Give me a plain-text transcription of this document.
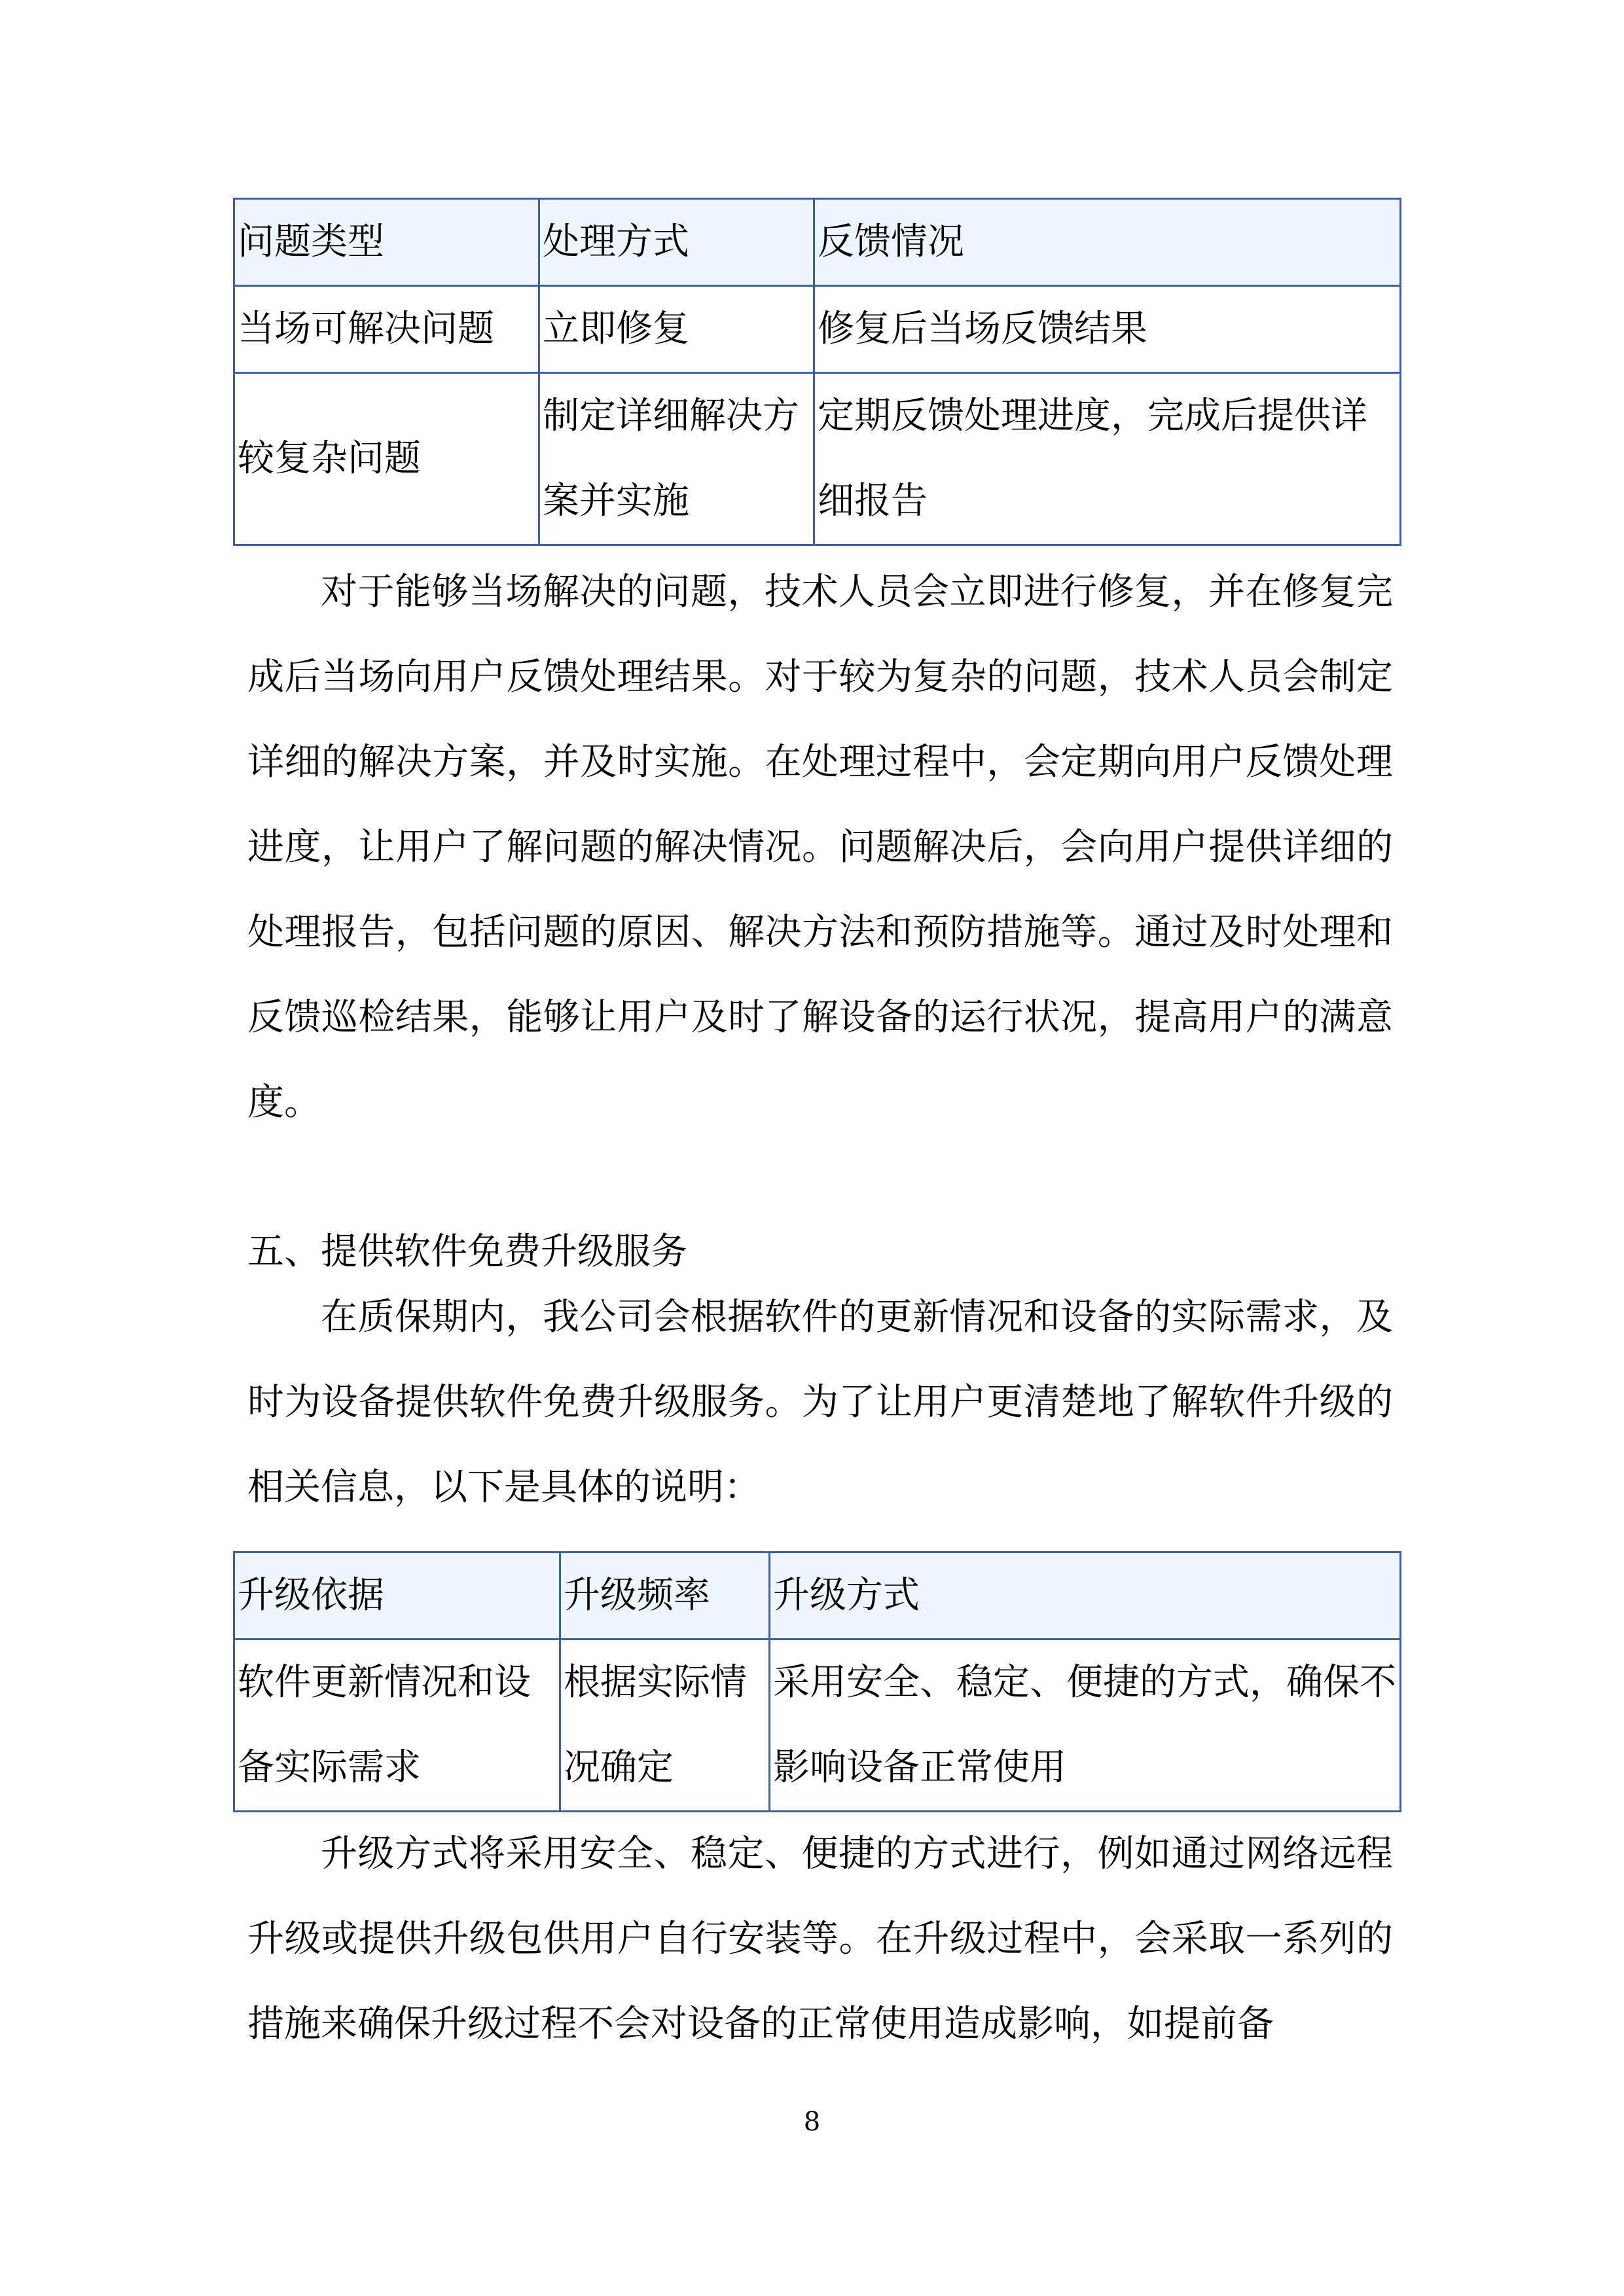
问题类型	处理方式	反馈情况
当场可解决问题	立即修复	修复后当场反馈结果
较复杂问题	制定详细解决方案并实施	定期反馈处理进度，完成后提供详细报告

对于能够当场解决的问题，技术人员会立即进行修复，并在修复完成后当场向用户反馈处理结果。对于较为复杂的问题，技术人员会制定详细的解决方案，并及时实施。在处理过程中，会定期向用户反馈处理进度，让用户了解问题的解决情况。问题解决后，会向用户提供详细的处理报告，包括问题的原因、解决方法和预防措施等。通过及时处理和反馈巡检结果，能够让用户及时了解设备的运行状况，提高用户的满意度。

五、提供软件免费升级服务

在质保期内，我公司会根据软件的更新情况和设备的实际需求，及时为设备提供软件免费升级服务。为了让用户更清楚地了解软件升级的相关信息，以下是具体的说明：

升级依据	升级频率	升级方式
软件更新情况和设备实际需求	根据实际情况确定	采用安全、稳定、便捷的方式，确保不影响设备正常使用

升级方式将采用安全、稳定、便捷的方式进行，例如通过网络远程升级或提供升级包供用户自行安装等。在升级过程中，会采取一系列的措施来确保升级过程不会对设备的正常使用造成影响，如提前备

8
